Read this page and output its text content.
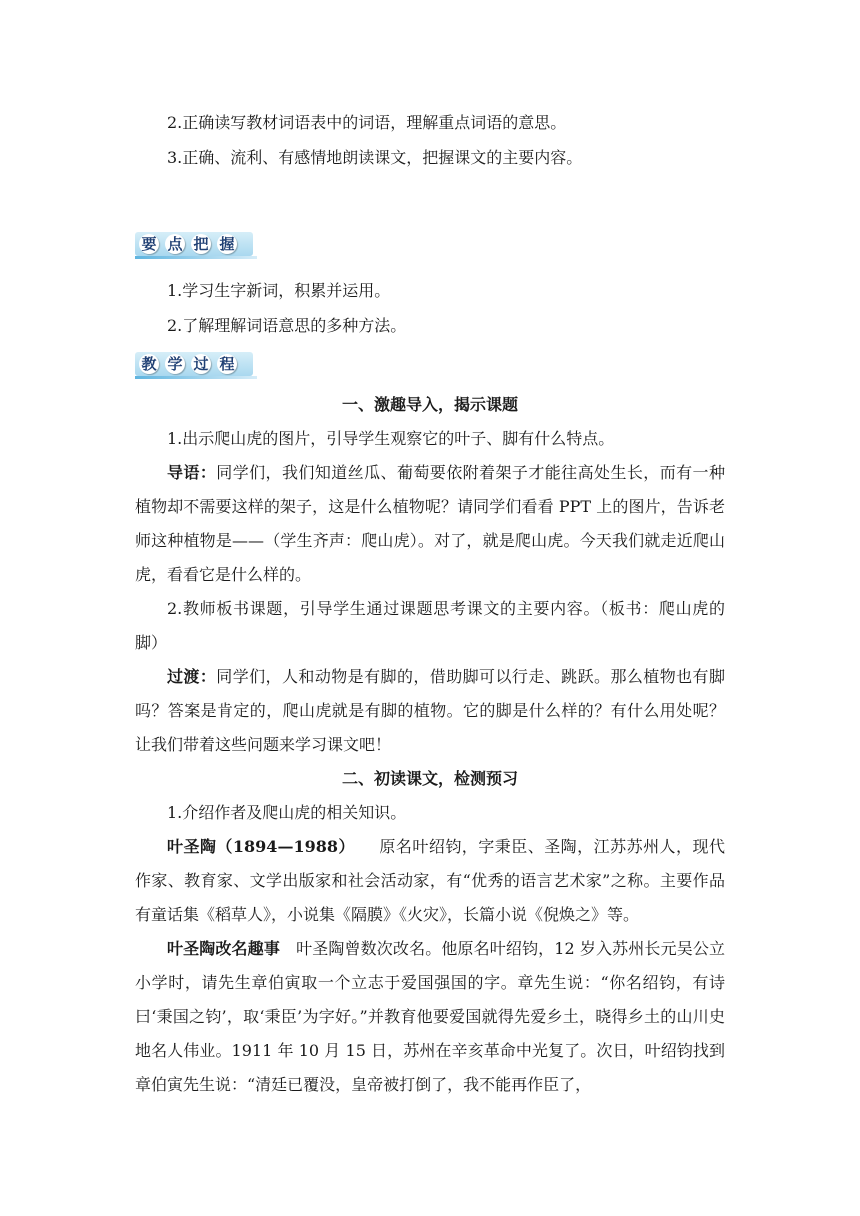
2.正确读写教材词语表中的词语，理解重点词语的意思。

3.正确、流利、有感情地朗读课文，把握课文的主要内容。

要 点 把 握

1.学习生字新词，积累并运用。

2.了解理解词语意思的多种方法。

教 学 过 程

一、激趣导入，揭示课题

1.出示爬山虎的图片，引导学生观察它的叶子、脚有什么特点。

导语：同学们，我们知道丝瓜、葡萄要依附着架子才能往高处生长，而有一种植物却不需要这样的架子，这是什么植物呢？请同学们看看 PPT 上的图片，告诉老师这种植物是——（学生齐声：爬山虎）。对了，就是爬山虎。今天我们就走近爬山虎，看看它是什么样的。

2.教师板书课题，引导学生通过课题思考课文的主要内容。（板书：爬山虎的脚）

过渡：同学们，人和动物是有脚的，借助脚可以行走、跳跃。那么植物也有脚吗？答案是肯定的，爬山虎就是有脚的植物。它的脚是什么样的？有什么用处呢？让我们带着这些问题来学习课文吧！

二、初读课文，检测预习

1.介绍作者及爬山虎的相关知识。

叶圣陶（1894—1988） 原名叶绍钧，字秉臣、圣陶，江苏苏州人，现代作家、教育家、文学出版家和社会活动家，有“优秀的语言艺术家”之称。主要作品有童话集《稻草人》，小说集《隔膜》《火灾》，长篇小说《倪焕之》等。

叶圣陶改名趣事 叶圣陶曾数次改名。他原名叶绍钧，12 岁入苏州长元吴公立小学时，请先生章伯寅取一个立志于爱国强国的字。章先生说：“你名绍钧，有诗曰‘秉国之钧’，取‘秉臣’为字好。”并教育他要爱国就得先爱乡土，晓得乡土的山川史地名人伟业。1911 年 10 月 15 日，苏州在辛亥革命中光复了。次日，叶绍钧找到章伯寅先生说：“清廷已覆没，皇帝被打倒了，我不能再作臣了，
